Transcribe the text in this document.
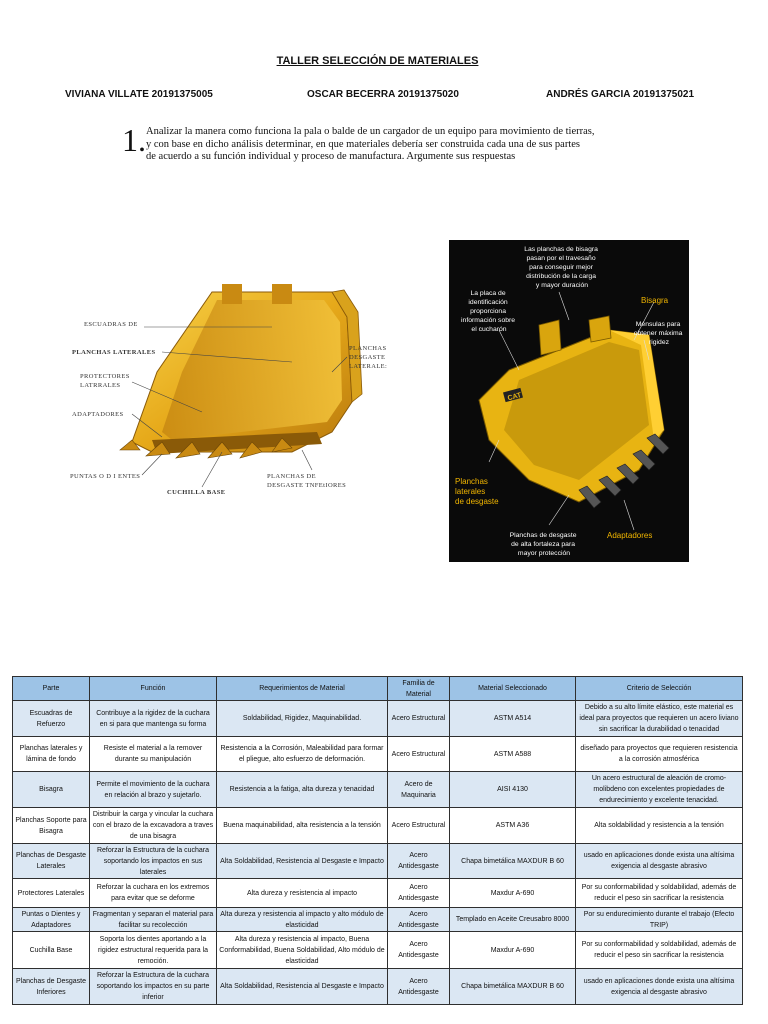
TALLER SELECCIÓN DE MATERIALES
VIVIANA VILLATE 20191375005	OSCAR BECERRA 20191375020	ANDRÉS GARCIA 20191375021
1. Analizar la manera como funciona la pala o balde de un cargador de un equipo para movimiento de tierras,
y con base en dicho análisis determinar, en que materiales debería ser construida cada una de sus partes
de acuerdo a su función individual y proceso de manufactura. Argumente sus respuestas
ESCUADRAS DE
PLANCHAS LATERALES
PROTECTORES
LATRRALES
ADAPTADORES
PUNTAS O D I ENTES
CUCHILLA BASE
PLANCHAS DE
DESGASTE TNFEtIORES
PLANCHAS
DESGASTE
LATERALE:
CAT
Las planchas de bisagra pasan por el travesaño para conseguir mejor distribución de la carga y mayor duración
La placa de identificación proporciona información sobre el cucharón
Bisagra
Ménsulas para obtener máxima rigidez
Planchas laterales de desgaste
Planchas de desgaste de alta fortaleza para mayor protección
Adaptadores
Parte	Función	Requerimientos de Material	Familia de Material	Material Seleccionado	Criterio de Selección
Escuadras de Refuerzo	Contribuye a la rigidez de la cuchara en si para que mantenga su forma	Soldabilidad, Rigidez, Maquinabilidad.	Acero Estructural	ASTM A514	Debido a su alto límite elástico, este material es ideal para proyectos que requieren un acero liviano sin sacrificar la durabilidad o tenacidad
Planchas laterales y lámina de fondo	Resiste el material a la remover durante su manipulación	Resistencia a la Corrosión, Maleabilidad para formar el pliegue, alto esfuerzo de deformación.	Acero Estructural	ASTM A588	diseñado para proyectos que requieren resistencia a la corrosión atmosférica
Bisagra	Permite el movimiento de la cuchara en relación al brazo y sujetarlo.	Resistencia a la fatiga, alta dureza y tenacidad	Acero de Maquinaria	AISI 4130	Un acero estructural de aleación de cromo-molibdeno con excelentes propiedades de endurecimiento y excelente tenacidad.
Planchas Soporte para Bisagra	Distribuir la carga y vincular la cuchara con el brazo de la excavadora a traves de una bisagra	Buena maquinabilidad, alta resistencia a la tensión	Acero Estructural	ASTM A36	Alta soldabilidad y resistencia a la tensión
Planchas de Desgaste Laterales	Reforzar la Estructura de la cuchara soportando los impactos en sus laterales	Alta Soldabilidad, Resistencia al Desgaste e Impacto	Acero Antidesgaste	Chapa bimetálica MAXDUR B 60	usado en aplicaciones donde exista una altísima exigencia al desgaste abrasivo
Protectores Laterales	Reforzar la cuchara en los extremos para evitar que se deforme	Alta dureza y resistencia al impacto	Acero Antidesgaste	Maxdur A-690	Por su conformabilidad y soldabilidad, además de reducir el peso sin sacrificar la resistencia
Puntas o Dientes y Adaptadores	Fragmentan y separan el material para facilitar su recolección	Alta dureza y resistencia al impacto y alto módulo de elasticidad	Acero Antidesgaste	Templado en Aceite Creusabro 8000	Por su endurecimiento durante el trabajo (Efecto TRIP)
Cuchilla Base	Soporta los dientes aportando a la rigidez estructural requerida para la remoción.	Alta dureza y resistencia al impacto, Buena Conformabilidad, Buena Soldabilidad, Alto módulo de elasticidad	Acero Antidesgaste	Maxdur A-690	Por su conformabilidad y soldabilidad, además de reducir el peso sin sacrificar la resistencia
Planchas de Desgaste Inferiores	Reforzar la Estructura de la cuchara soportando los impactos en su parte inferior	Alta Soldabilidad, Resistencia al Desgaste e Impacto	Acero Antidesgaste	Chapa bimetálica MAXDUR B 60	usado en aplicaciones donde exista una altísima exigencia al desgaste abrasivo
